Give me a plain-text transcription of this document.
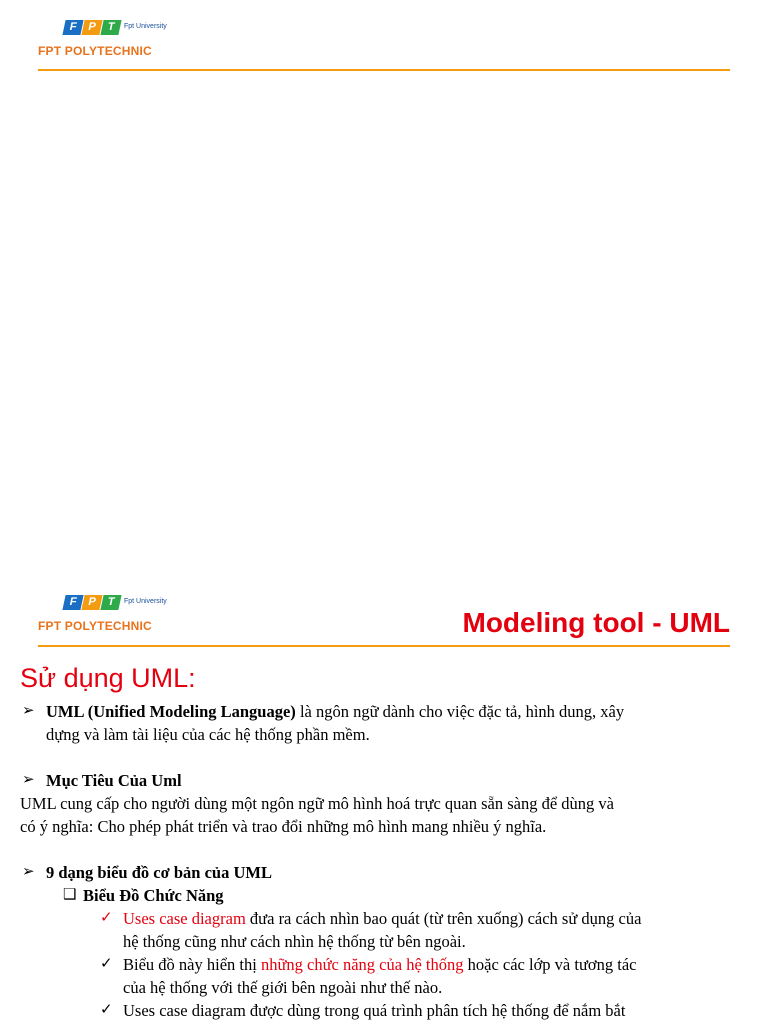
F P T	Fpt University
FPT POLYTECHNIC
F P T	Fpt University
FPT POLYTECHNIC	Modeling tool - UML
Sử dụng UML:
➢ UML (Unified Modeling Language) là ngôn ngữ dành cho việc đặc tả, hình dung, xây
dựng và làm tài liệu của các hệ thống phần mềm.
➢ Mục Tiêu Của Uml
UML cung cấp cho người dùng một ngôn ngữ mô hình hoá trực quan sẵn sàng để dùng và
có ý nghĩa: Cho phép phát triển và trao đổi những mô hình mang nhiều ý nghĩa.
➢ 9 dạng biểu đồ cơ bản của UML
❑ Biểu Đồ Chức Năng
✓ Uses case diagram đưa ra cách nhìn bao quát (từ trên xuống) cách sử dụng của
hệ thống cũng như cách nhìn hệ thống từ bên ngoài.
✓ Biểu đồ này hiển thị những chức năng của hệ thống hoặc các lớp và tương tác
của hệ thống với thế giới bên ngoài như thế nào.
✓ Uses case diagram được dùng trong quá trình phân tích hệ thống để nắm bắt
